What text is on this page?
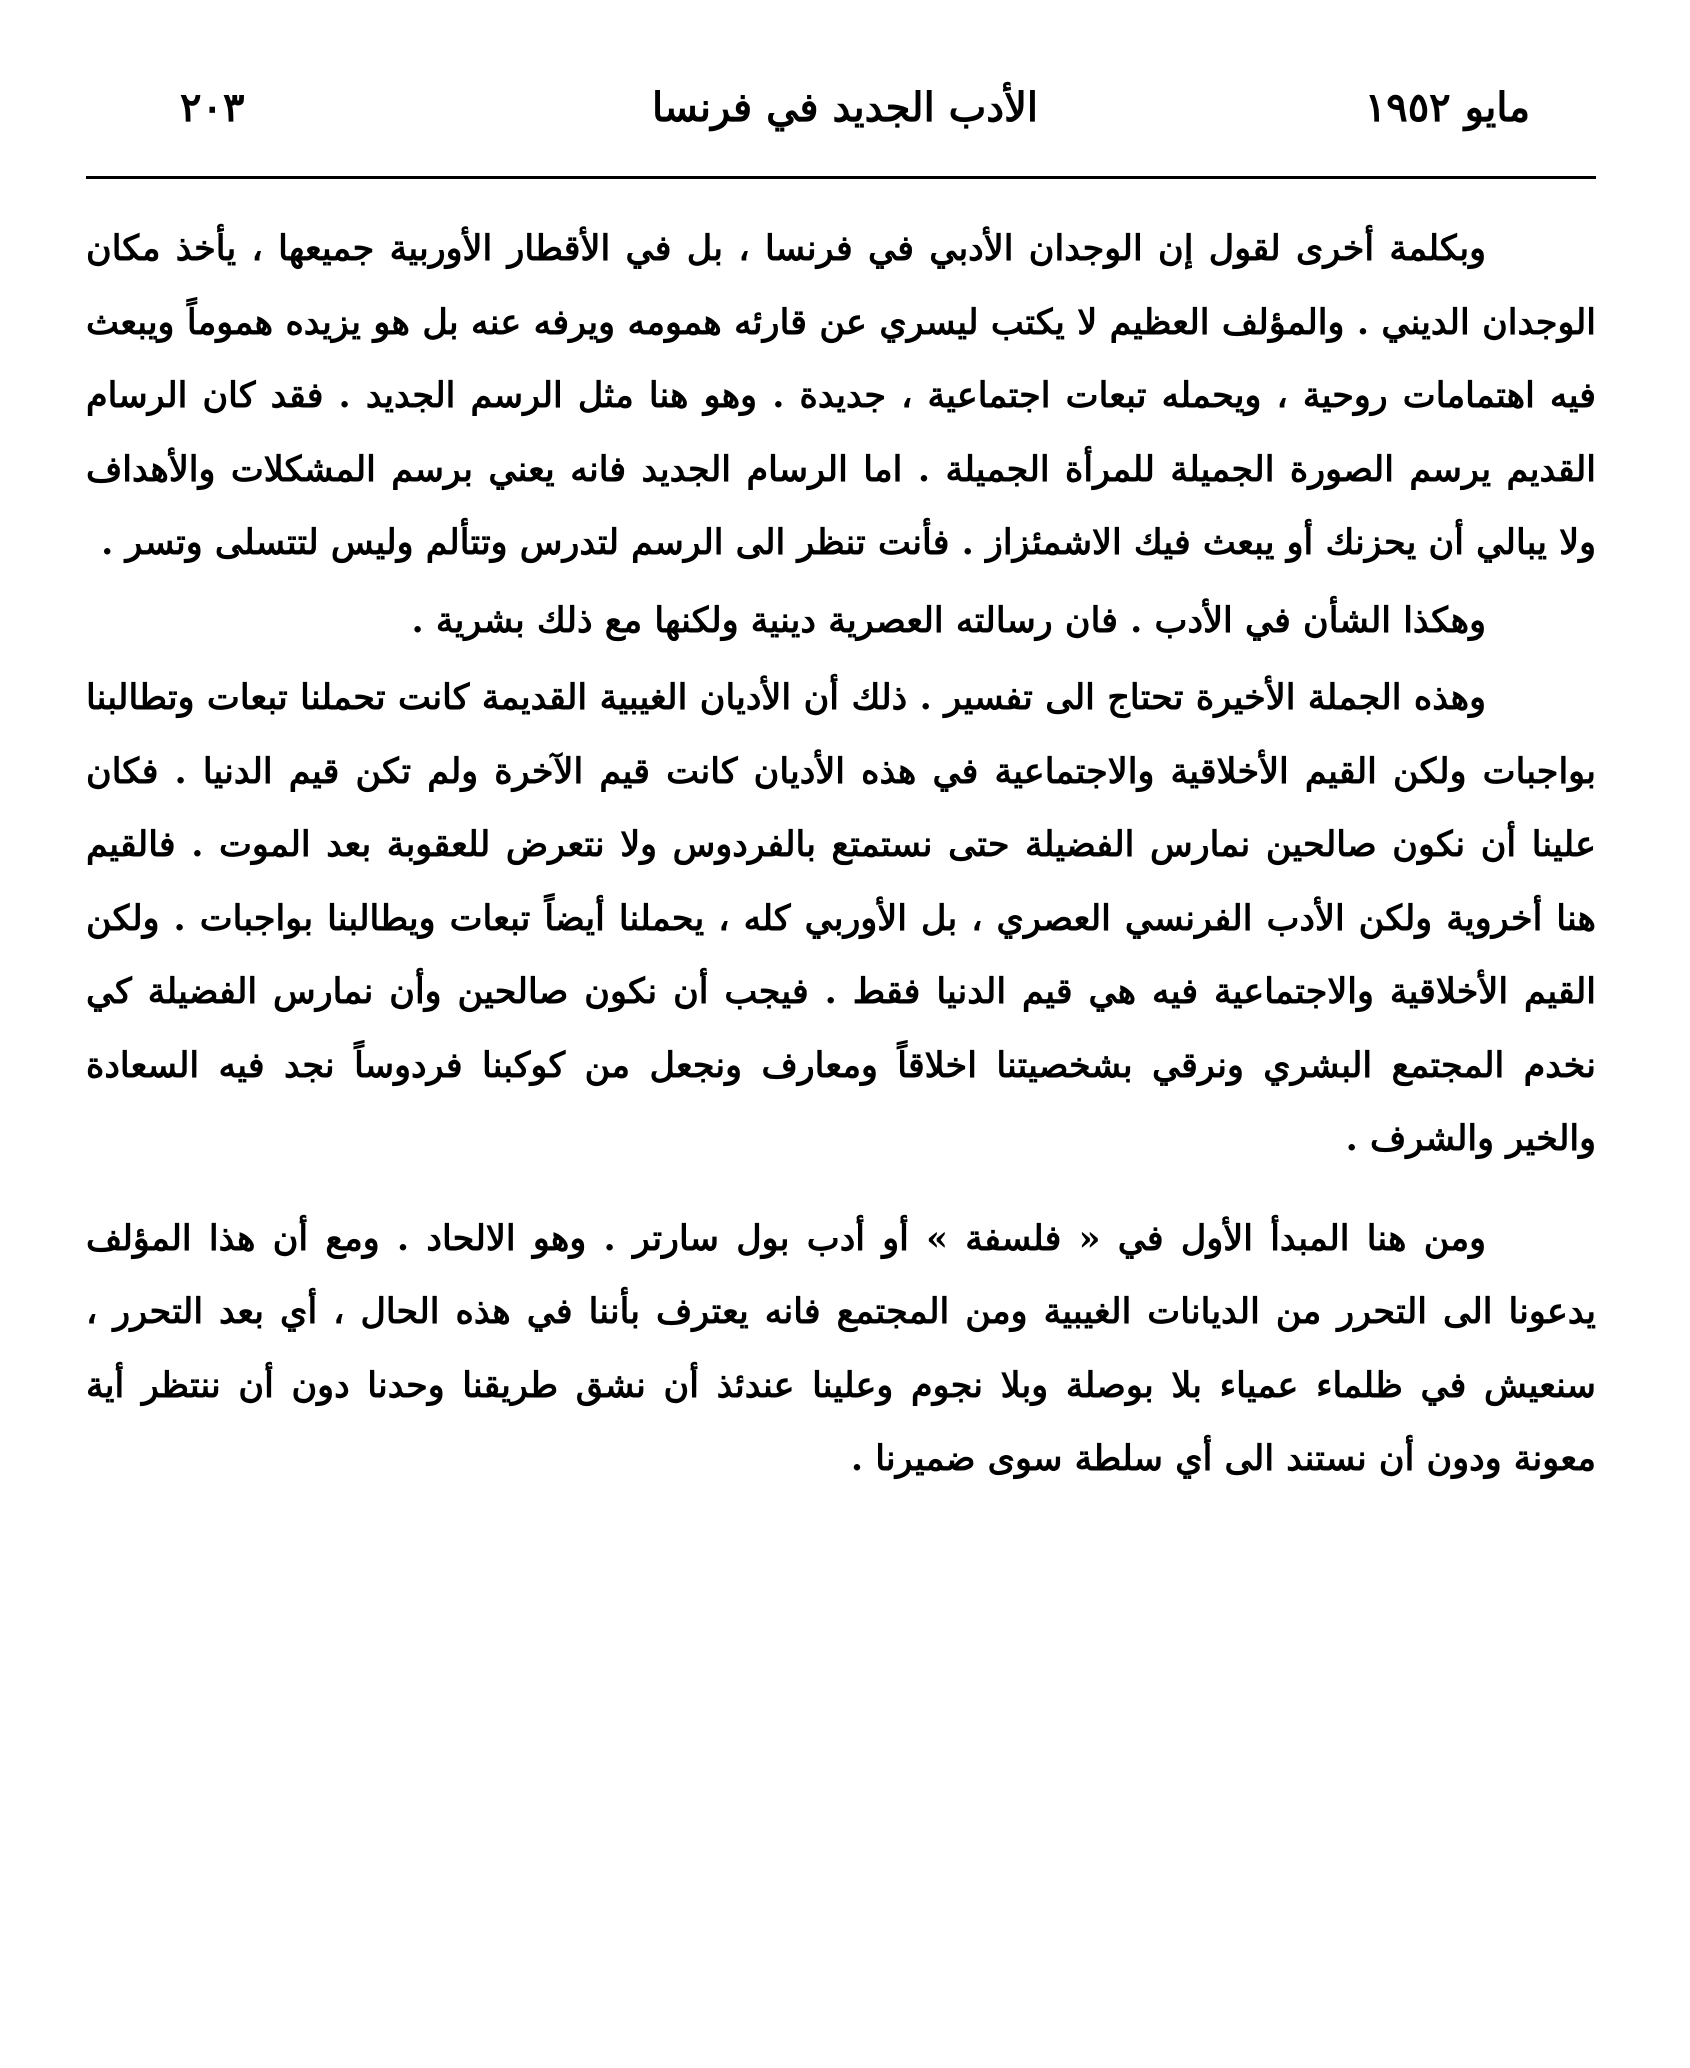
مايو ١٩٥٢
الأدب الجديد في فرنسا
٢٠٣

وبكلمة أخرى لقول إن الوجدان الأدبي في فرنسا ، بل في الأقطار الأوربية جميعها ، يأخذ مكان الوجدان الديني . والمؤلف العظيم لا يكتب ليسري عن قارئه همومه ويرفه عنه بل هو يزيده هموماً ويبعث فيه اهتمامات روحية ، ويحمله تبعات اجتماعية ، جديدة . وهو هنا مثل الرسم الجديد . فقد كان الرسام القديم يرسم الصورة الجميلة للمرأة الجميلة . اما الرسام الجديد فانه يعني برسم المشكلات والأهداف ولا يبالي أن يحزنك أو يبعث فيك الاشمئزاز . فأنت تنظر الى الرسم لتدرس وتتألم وليس لتتسلى وتسر .

وهكذا الشأن في الأدب . فان رسالته العصرية دينية ولكنها مع ذلك بشرية .

وهذه الجملة الأخيرة تحتاج الى تفسير . ذلك أن الأديان الغيبية القديمة كانت تحملنا تبعات وتطالبنا بواجبات ولكن القيم الأخلاقية والاجتماعية في هذه الأديان كانت قيم الآخرة ولم تكن قيم الدنيا . فكان علينا أن نكون صالحين نمارس الفضيلة حتى نستمتع بالفردوس ولا نتعرض للعقوبة بعد الموت . فالقيم هنا أخروية ولكن الأدب الفرنسي العصري ، بل الأوربي كله ، يحملنا أيضاً تبعات ويطالبنا بواجبات . ولكن القيم الأخلاقية والاجتماعية فيه هي قيم الدنيا فقط . فيجب أن نكون صالحين وأن نمارس الفضيلة كي نخدم المجتمع البشري ونرقي بشخصيتنا اخلاقاً ومعارف ونجعل من كوكبنا فردوساً نجد فيه السعادة والخير والشرف .

ومن هنا المبدأ الأول في « فلسفة » أو أدب بول سارتر . وهو الالحاد . ومع أن هذا المؤلف يدعونا الى التحرر من الديانات الغيبية ومن المجتمع فانه يعترف بأننا في هذه الحال ، أي بعد التحرر ، سنعيش في ظلماء عمياء بلا بوصلة وبلا نجوم وعلينا عندئذ أن نشق طريقنا وحدنا دون أن ننتظر أية معونة ودون أن نستند الى أي سلطة سوى ضميرنا .
